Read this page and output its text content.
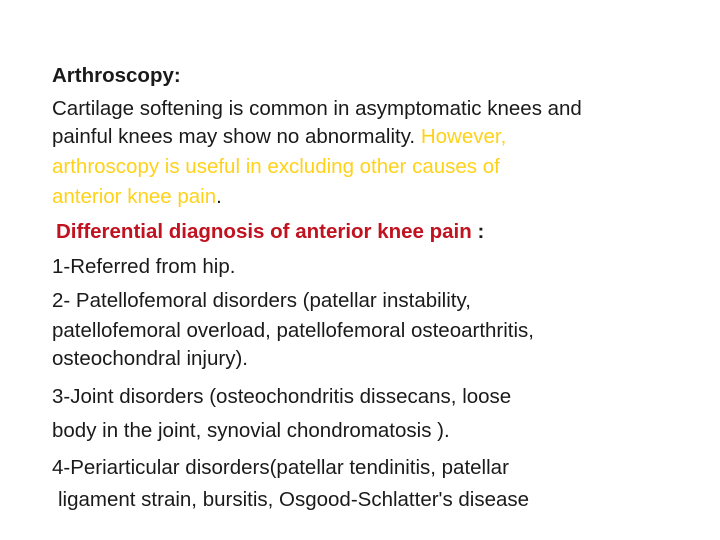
Arthroscopy:
Cartilage softening is common in asymptomatic knees and
painful knees may show no abnormality. However,
arthroscopy is useful in excluding other causes of
anterior knee pain.
Differential diagnosis of anterior knee pain :
1-Referred from hip.
2- Patellofemoral disorders (patellar instability,
patellofemoral overload, patellofemoral osteoarthritis,
osteochondral injury).
3-Joint disorders (osteochondritis dissecans, loose
body in the joint, synovial chondromatosis ).
4-Periarticular disorders(patellar tendinitis, patellar
ligament strain, bursitis, Osgood-Schlatter's disease
